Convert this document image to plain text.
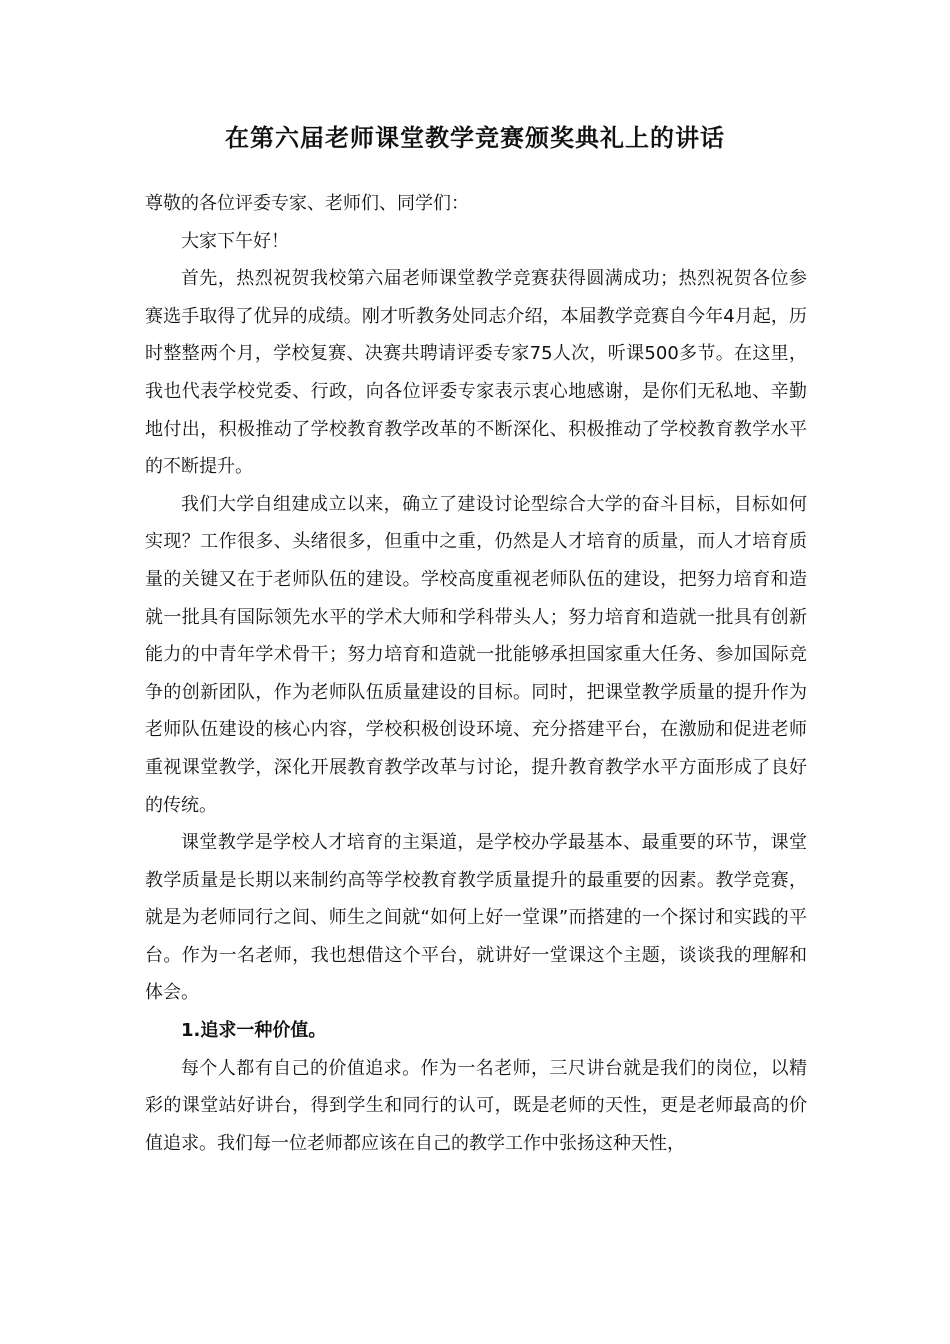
在第六届老师课堂教学竞赛颁奖典礼上的讲话

尊敬的各位评委专家、老师们、同学们：

大家下午好！

首先，热烈祝贺我校第六届老师课堂教学竞赛获得圆满成功；热烈祝贺各位参赛选手取得了优异的成绩。刚才听教务处同志介绍，本届教学竞赛自今年4月起，历时整整两个月，学校复赛、决赛共聘请评委专家75人次，听课500多节。在这里，我也代表学校党委、行政，向各位评委专家表示衷心地感谢，是你们无私地、辛勤地付出，积极推动了学校教育教学改革的不断深化、积极推动了学校教育教学水平的不断提升。

我们大学自组建成立以来，确立了建设讨论型综合大学的奋斗目标，目标如何实现？工作很多、头绪很多，但重中之重，仍然是人才培育的质量，而人才培育质量的关键又在于老师队伍的建设。学校高度重视老师队伍的建设，把努力培育和造就一批具有国际领先水平的学术大师和学科带头人；努力培育和造就一批具有创新能力的中青年学术骨干；努力培育和造就一批能够承担国家重大任务、参加国际竞争的创新团队，作为老师队伍质量建设的目标。同时，把课堂教学质量的提升作为老师队伍建设的核心内容，学校积极创设环境、充分搭建平台，在激励和促进老师重视课堂教学，深化开展教育教学改革与讨论，提升教育教学水平方面形成了良好的传统。

课堂教学是学校人才培育的主渠道，是学校办学最基本、最重要的环节，课堂教学质量是长期以来制约高等学校教育教学质量提升的最重要的因素。教学竞赛，就是为老师同行之间、师生之间就“如何上好一堂课”而搭建的一个探讨和实践的平台。作为一名老师，我也想借这个平台，就讲好一堂课这个主题，谈谈我的理解和体会。

1.追求一种价值。

每个人都有自己的价值追求。作为一名老师，三尺讲台就是我们的岗位，以精彩的课堂站好讲台，得到学生和同行的认可，既是老师的天性，更是老师最高的价值追求。我们每一位老师都应该在自己的教学工作中张扬这种天性，
